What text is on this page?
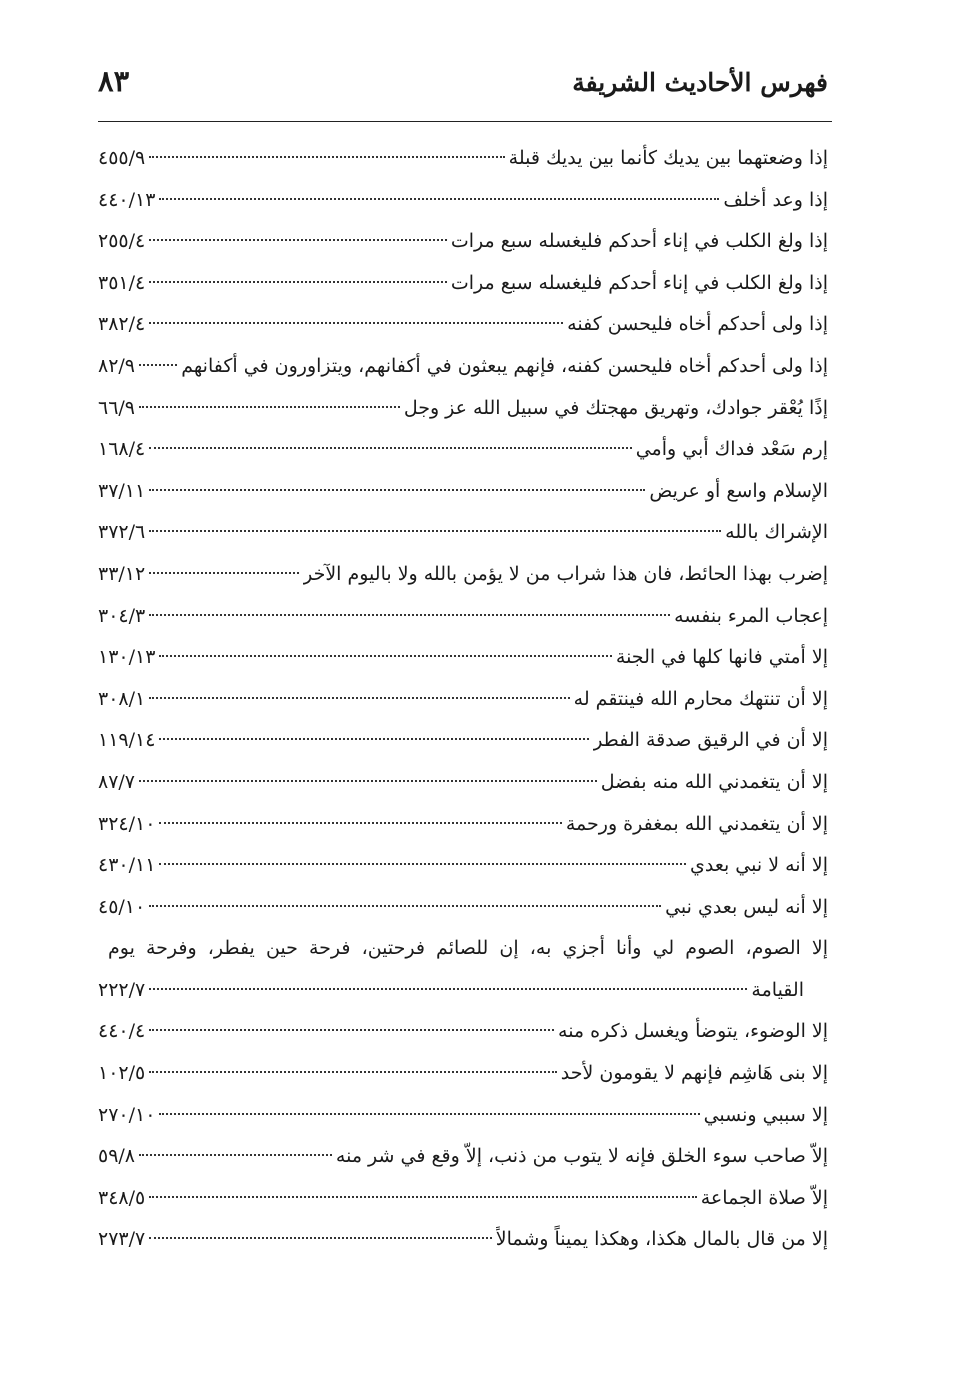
فهرس الأحاديث الشريفة
٨٣
إذا وضعتهما بين يديك كأنما بين يديك قبلة
٤٥٥/٩
إذا وعد أخلف
٤٤٠/١٣
إذا ولغ الكلب في إناء أحدكم فليغسله سبع مرات
٢٥٥/٤
إذا ولغ الكلب في إناء أحدكم فليغسله سبع مرات
٣٥١/٤
إذا ولى أحدكم أخاه فليحسن كفنه
٣٨٢/٤
إذا ولى أحدكم أخاه فليحسن كفنه، فإنهم يبعثون في أكفانهم، ويتزاورون في أكفانهم
٨٢/٩
إذًا يُعْقر جوادك، وتهريق مهجتك في سبيل الله عز وجل
٦٦/٩
إرم سَعْد فداك أبي وأمي
١٦٨/٤
الإسلام واسع أو عريض
٣٧/١١
الإشراك بالله
٣٧٢/٦
إضرب بهذا الحائط، فان هذا شراب من لا يؤمن بالله ولا باليوم الآخر
٣٣/١٢
إعجاب المرء بنفسه
٣٠٤/٣
إلا أمتي فانها كلها في الجنة
١٣٠/١٣
إلا أن تنتهك محارم الله فينتقم له
٣٠٨/١
إلا أن في الرقيق صدقة الفطر
١١٩/١٤
إلا أن يتغمدني الله منه بفضل
٨٧/٧
إلا أن يتغمدني الله بمغفرة ورحمة
٣٢٤/١٠
إلا أنه لا نبي بعدي
٤٣٠/١١
إلا أنه ليس بعدي نبي
٤٥/١٠
إلا الصوم، الصوم لي وأنا أجزي به، إن للصائم فرحتين، فرحة حين يفطر، وفرحة يوم
القيامة
٢٢٢/٧
إلا الوضوء، يتوضأ ويغسل ذكره منه
٤٤٠/٤
إلا بنى هَاشِم فإنهم لا يقومون لأحد
١٠٢/٥
إلا سببي ونسبي
٢٧٠/١٠
إلاّ صاحب سوء الخلق فإنه لا يتوب من ذنب، إلاّ وقع في شر منه
٥٩/٨
إلاّ صلاة الجماعة
٣٤٨/٥
إلا من قال بالمال هكذا، وهكذا يميناً وشمالاً
٢٧٣/٧
